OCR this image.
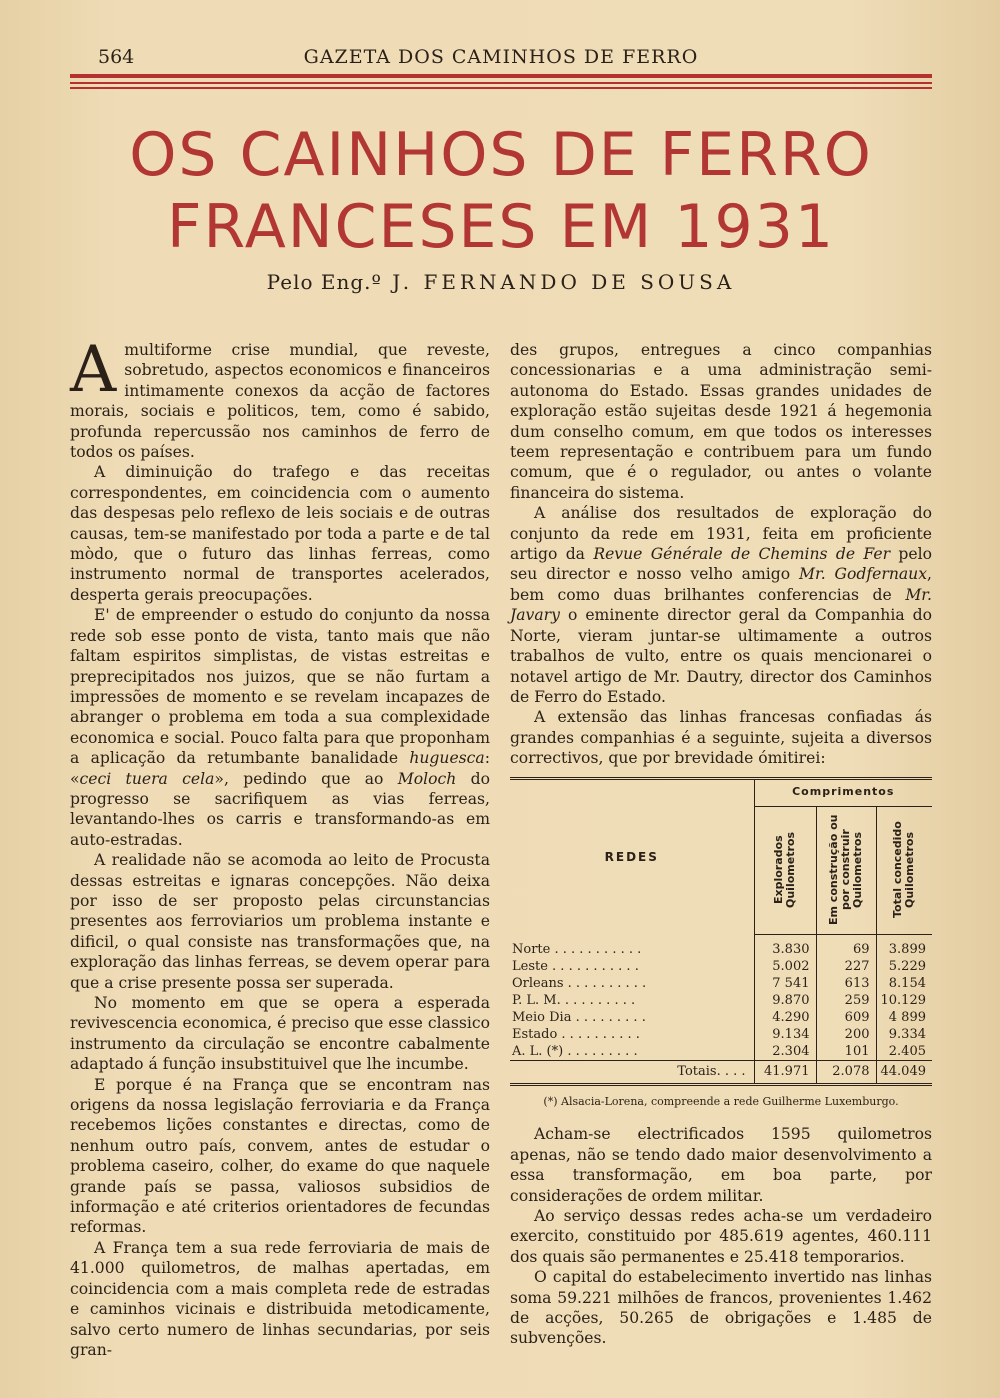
564	GAZETA DOS CAMINHOS DE FERRO
OS CAINHOS DE FERRO
FRANCESES EM 1931
Pelo Eng.º J. FERNANDO DE SOUSA

Amultiforme crise mundial, que reveste, sobretudo, aspectos economicos e financeiros intimamente conexos da acção de factores morais, sociais e politicos, tem, como é sabido, profunda repercussão nos caminhos de ferro de todos os países.

A diminuição do trafego e das receitas correspondentes, em coincidencia com o aumento das despesas pelo reflexo de leis sociais e de outras causas, tem-se manifestado por toda a parte e de tal mòdo, que o futuro das linhas ferreas, como instrumento normal de transportes acelerados, desperta gerais preocupações.

E' de empreender o estudo do conjunto da nossa rede sob esse ponto de vista, tanto mais que não faltam espiritos simplistas, de vistas estreitas e preprecipitados nos juizos, que se não furtam a impressões de momento e se revelam incapazes de abranger o problema em toda a sua complexidade economica e social. Pouco falta para que proponham a aplicação da retumbante banalidade huguesca: «ceci tuera cela», pedindo que ao Moloch do progresso se sacrifiquem as vias ferreas, levantando-lhes os carris e transformando-as em auto-estradas.

A realidade não se acomoda ao leito de Procusta dessas estreitas e ignaras concepções. Não deixa por isso de ser proposto pelas circunstancias presentes aos ferroviarios um problema instante e dificil, o qual consiste nas transformações que, na exploração das linhas ferreas, se devem operar para que a crise presente possa ser superada.

No momento em que se opera a esperada revivescencia economica, é preciso que esse classico instrumento da circulação se encontre cabalmente adaptado á função insubstituivel que lhe incumbe.

E porque é na França que se encontram nas origens da nossa legislação ferroviaria e da França recebemos lições constantes e directas, como de nenhum outro país, convem, antes de estudar o problema caseiro, colher, do exame do que naquele grande país se passa, valiosos subsidios de informação e até criterios orientadores de fecundas reformas.

A França tem a sua rede ferroviaria de mais de 41.000 quilometros, de malhas apertadas, em coincidencia com a mais completa rede de estradas e caminhos vicinais e distribuida metodicamente, salvo certo numero de linhas secundarias, por seis gran-

des grupos, entregues a cinco companhias concessionarias e a uma administração semi-autonoma do Estado. Essas grandes unidades de exploração estão sujeitas desde 1921 á hegemonia dum conselho comum, em que todos os interesses teem representação e contribuem para um fundo comum, que é o regulador, ou antes o volante financeira do sistema.

A análise dos resultados de exploração do conjunto da rede em 1931, feita em proficiente artigo da Revue Générale de Chemins de Fer pelo seu director e nosso velho amigo Mr. Godfernaux, bem como duas brilhantes conferencias de Mr. Javary o eminente director geral da Companhia do Norte, vieram juntar-se ultimamente a outros trabalhos de vulto, entre os quais mencionarei o notavel artigo de Mr. Dautry, director dos Caminhos de Ferro do Estado.

A extensão das linhas francesas confiadas ás grandes companhias é a seguinte, sujeita a diversos correctivos, que por brevidade ómitirei:

REDES	Comprimentos		
	Explorados Quilometros	Em construção ou por construir Quilometros	Total concedido Quilometros
Norte . . . . . . . . . . .	3.830	69	3.899
Leste . . . . . . . . . . .	5.002	227	5.229
Orleans . . . . . . . . . .	7 541	613	8.154
P. L. M. . . . . . . . . .	9.870	259	10.129
Meio Dia . . . . . . . . .	4.290	609	4 899
Estado . . . . . . . . . .	9.134	200	9.334
A. L. (*) . . . . . . . . .	2.304	101	2.405
Totais. . . .	41.971	2.078	44.049
(*) Alsacia-Lorena, compreende a rede Guilherme Luxemburgo.

Acham-se electrificados 1595 quilometros apenas, não se tendo dado maior desenvolvimento a essa transformação, em boa parte, por considerações de ordem militar.

Ao serviço dessas redes acha-se um verdadeiro exercito, constituido por 485.619 agentes, 460.111 dos quais são permanentes e 25.418 temporarios.

O capital do estabelecimento invertido nas linhas soma 59.221 milhões de francos, provenientes 1.462 de acções, 50.265 de obrigações e 1.485 de subvenções.
